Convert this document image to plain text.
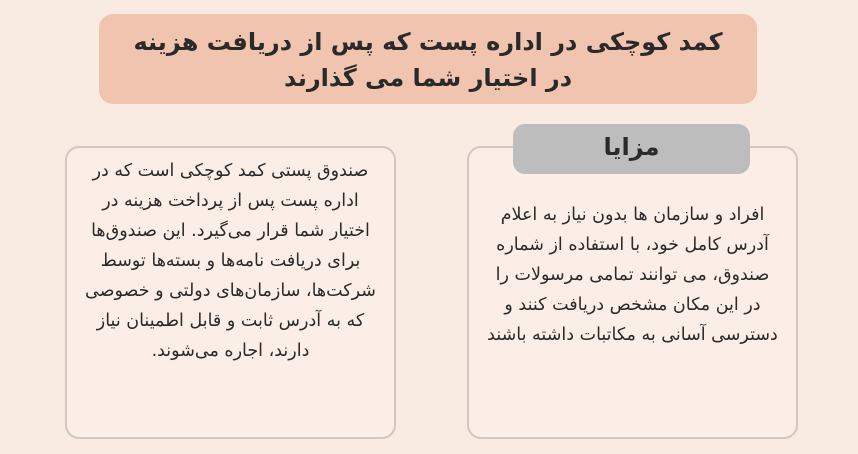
کمد کوچکی در اداره پست که پس از دریافت هزینه در اختیار شما می گذارند
صندوق پستی کمد کوچکی است که در اداره پست پس از پرداخت هزینه در اختیار شما قرار می‌گیرد. این صندوق‌ها برای دریافت نامه‌ها و بسته‌ها توسط شرکت‌ها، سازمان‌های دولتی و خصوصی که به آدرس ثابت و قابل اطمینان نیاز دارند، اجاره می‌شوند.
افراد و سازمان ها بدون نیاز به اعلام آدرس کامل خود، با استفاده از شماره صندوق، می توانند تمامی مرسولات را در این مکان مشخص دریافت کنند و دسترسی آسانی به مکاتبات داشته باشند
مزایا
